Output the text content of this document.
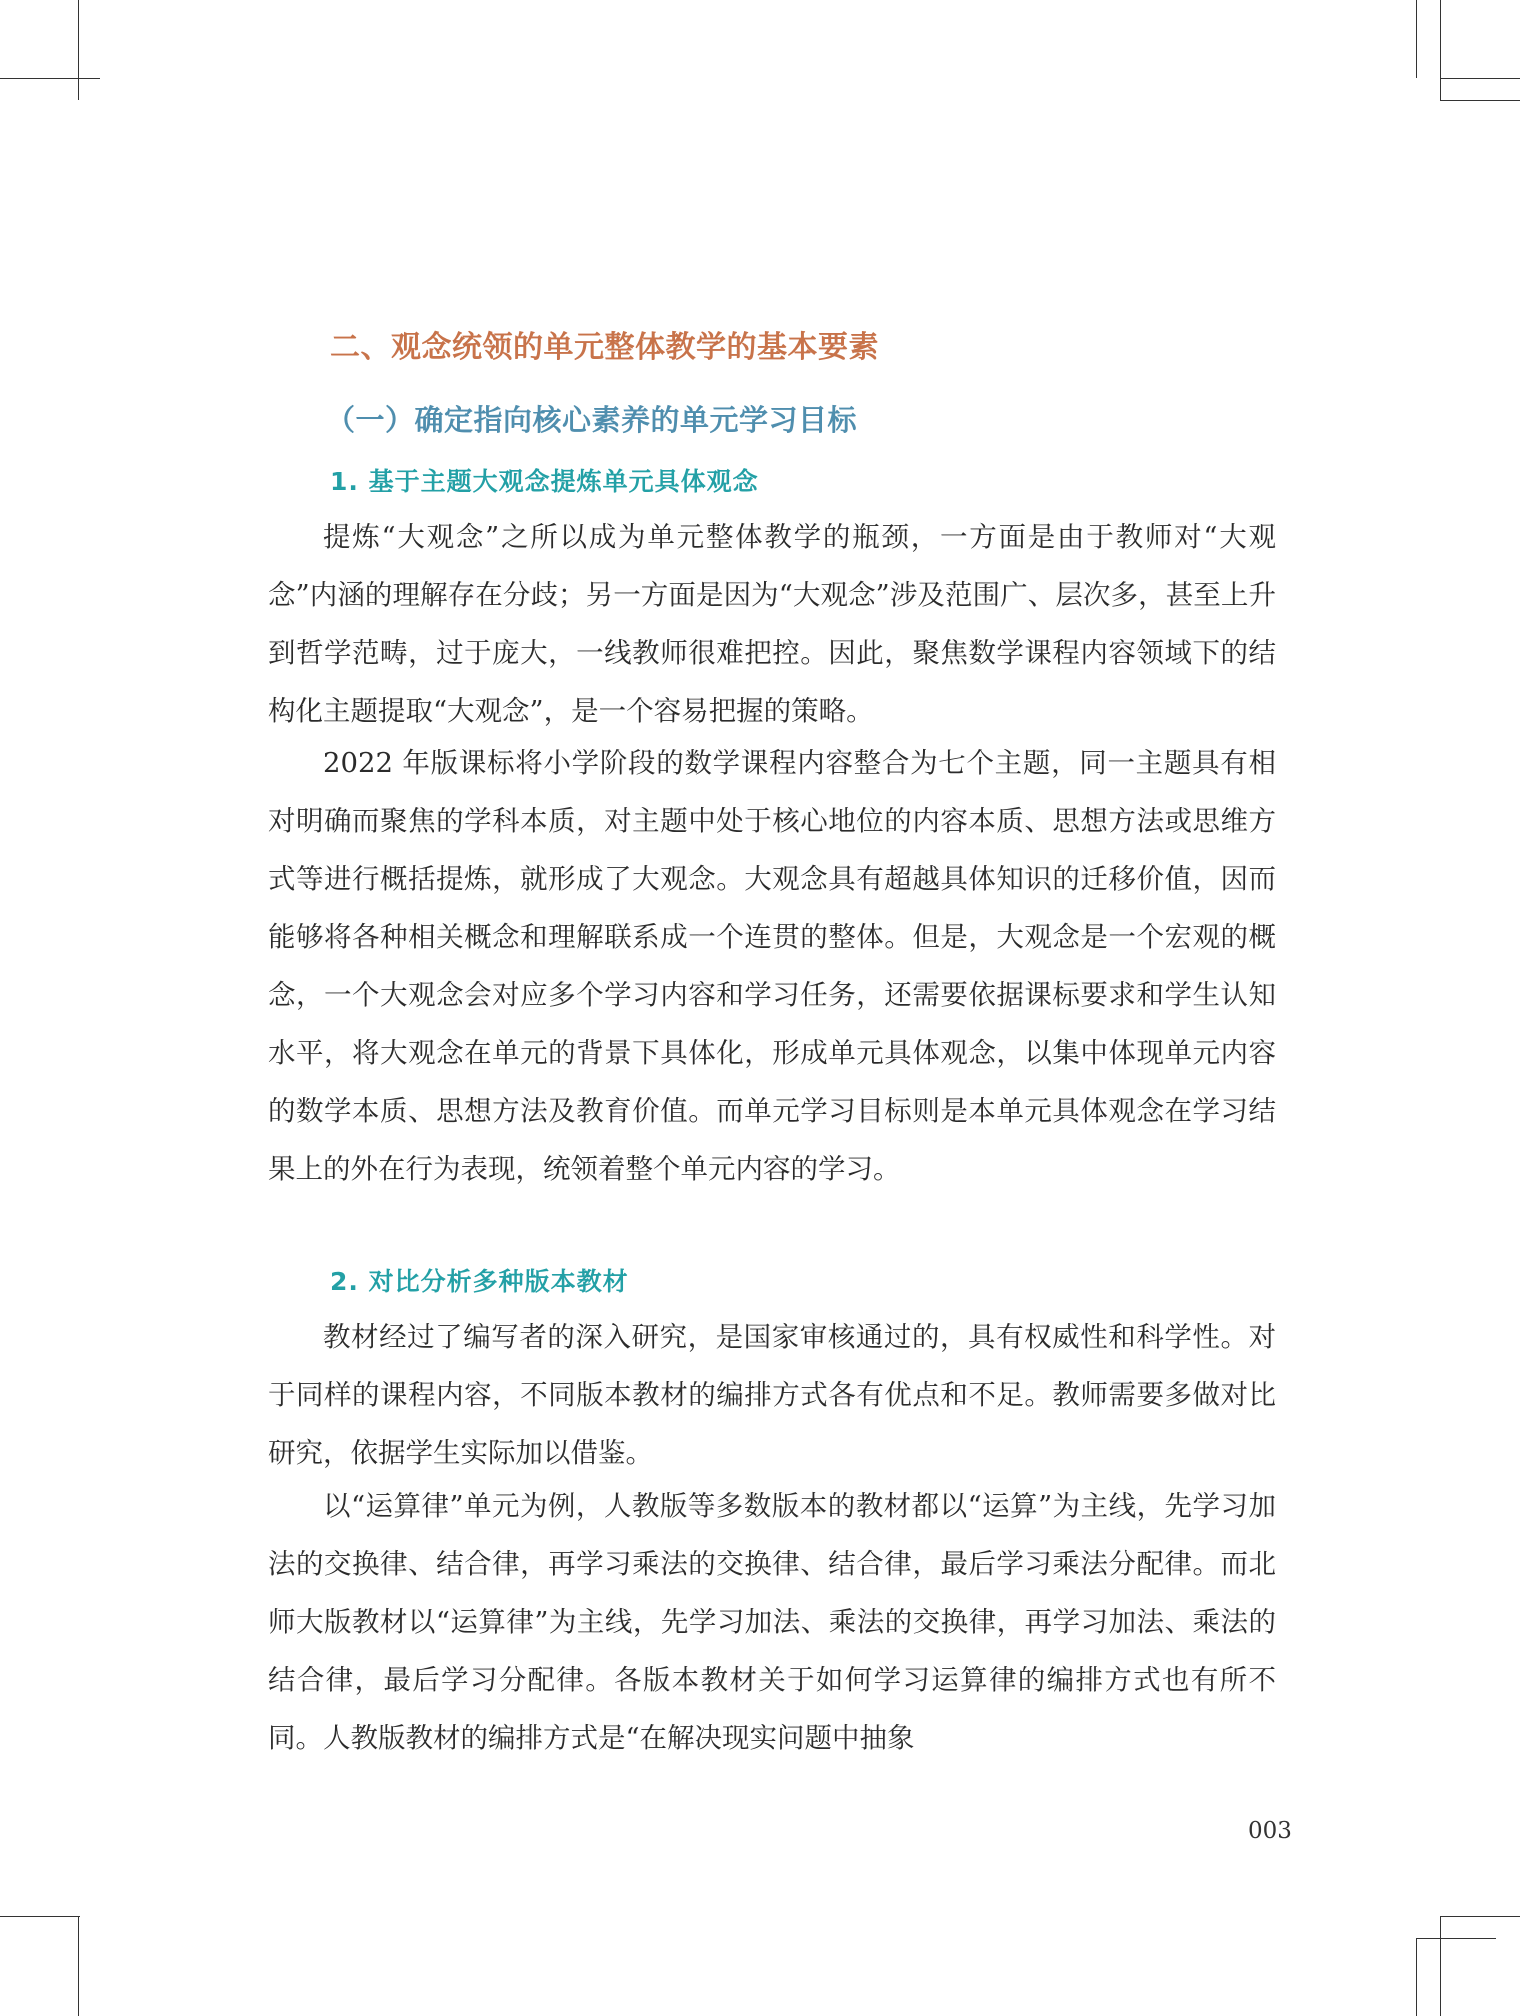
二、观念统领的单元整体教学的基本要素
（一）确定指向核心素养的单元学习目标
1. 基于主题大观念提炼单元具体观念

提炼“大观念”之所以成为单元整体教学的瓶颈，一方面是由于教师对“大观念”内涵的理解存在分歧；另一方面是因为“大观念”涉及范围广、层次多，甚至上升到哲学范畴，过于庞大，一线教师很难把控。因此，聚焦数学课程内容领域下的结构化主题提取“大观念”，是一个容易把握的策略。

2022 年版课标将小学阶段的数学课程内容整合为七个主题，同一主题具有相对明确而聚焦的学科本质，对主题中处于核心地位的内容本质、思想方法或思维方式等进行概括提炼，就形成了大观念。大观念具有超越具体知识的迁移价值，因而能够将各种相关概念和理解联系成一个连贯的整体。但是，大观念是一个宏观的概念，一个大观念会对应多个学习内容和学习任务，还需要依据课标要求和学生认知水平，将大观念在单元的背景下具体化，形成单元具体观念，以集中体现单元内容的数学本质、思想方法及教育价值。而单元学习目标则是本单元具体观念在学习结果上的外在行为表现，统领着整个单元内容的学习。

2. 对比分析多种版本教材

教材经过了编写者的深入研究，是国家审核通过的，具有权威性和科学性。对于同样的课程内容，不同版本教材的编排方式各有优点和不足。教师需要多做对比研究，依据学生实际加以借鉴。

以“运算律”单元为例，人教版等多数版本的教材都以“运算”为主线，先学习加法的交换律、结合律，再学习乘法的交换律、结合律，最后学习乘法分配律。而北师大版教材以“运算律”为主线，先学习加法、乘法的交换律，再学习加法、乘法的结合律，最后学习分配律。各版本教材关于如何学习运算律的编排方式也有所不同。人教版教材的编排方式是“在解决现实问题中抽象

003
